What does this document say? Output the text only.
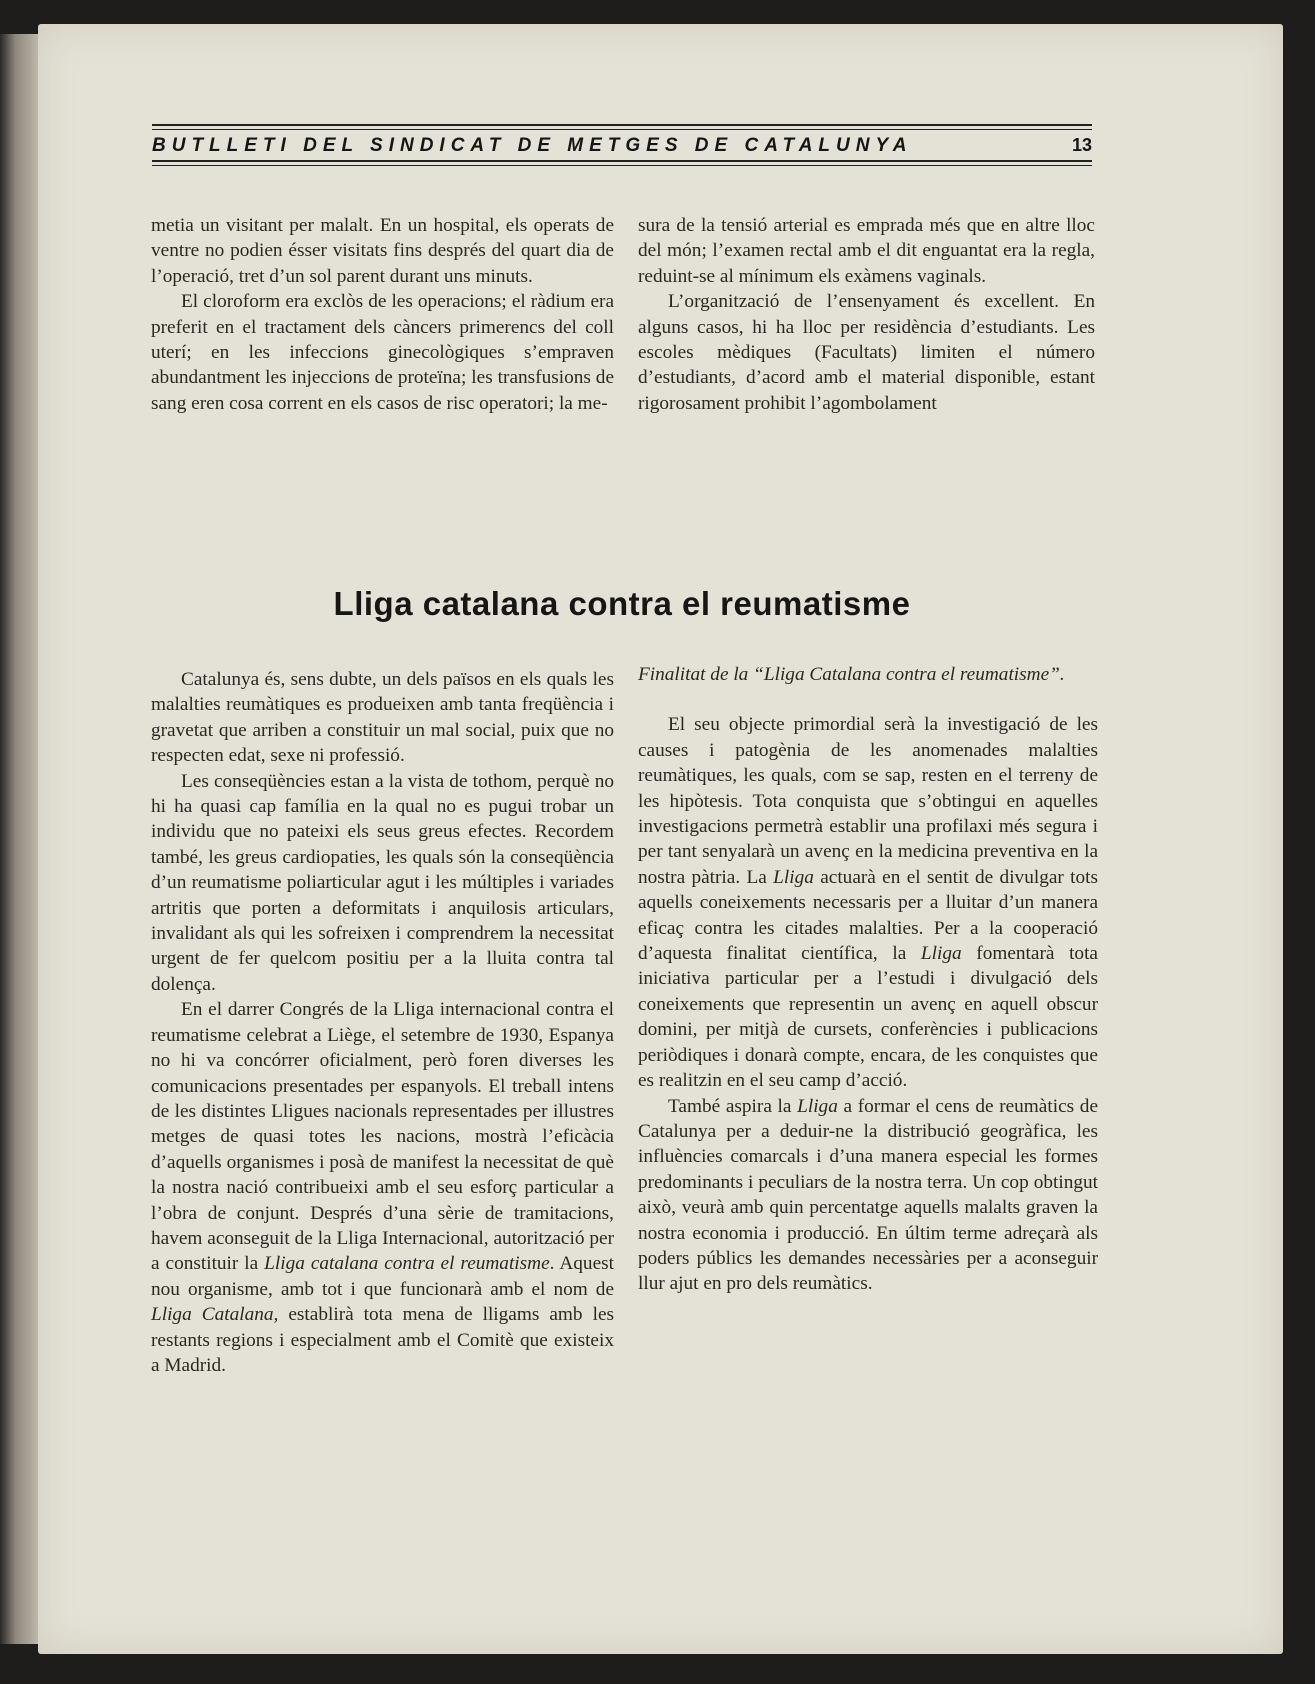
BUTLLETI DEL SINDICAT DE METGES DE CATALUNYA	13

metia un visitant per malalt. En un hospital, els operats de ventre no podien ésser visitats fins després del quart dia de l’operació, tret d’un sol parent durant uns minuts.

El cloroform era exclòs de les operacions; el ràdium era preferit en el tractament dels càncers primerencs del coll uterí; en les infeccions ginecològiques s’empraven abundantment les injeccions de proteïna; les transfusions de sang eren cosa corrent en els casos de risc operatori; la me-

sura de la tensió arterial es emprada més que en altre lloc del món; l’examen rectal amb el dit enguantat era la regla, reduint-se al mínimum els exàmens vaginals.

L’organització de l’ensenyament és excellent. En alguns casos, hi ha lloc per residència d’estudiants. Les escoles mèdiques (Facultats) limiten el número d’estudiants, d’acord amb el material disponible, estant rigorosament prohibit l’agombolament

Lliga catalana contra el reumatisme

Catalunya és, sens dubte, un dels països en els quals les malalties reumàtiques es produeixen amb tanta freqüència i gravetat que arriben a constituir un mal social, puix que no respecten edat, sexe ni professió.

Les conseqüències estan a la vista de tothom, perquè no hi ha quasi cap família en la qual no es pugui trobar un individu que no pateixi els seus greus efectes. Recordem també, les greus cardiopaties, les quals són la conseqüència d’un reumatisme poliarticular agut i les múltiples i variades artritis que porten a deformitats i anquilosis articulars, invalidant als qui les sofreixen i comprendrem la necessitat urgent de fer quelcom positiu per a la lluita contra tal dolença.

En el darrer Congrés de la Lliga internacional contra el reumatisme celebrat a Liège, el setembre de 1930, Espanya no hi va concórrer oficialment, però foren diverses les comunicacions presentades per espanyols. El treball intens de les distintes Lligues nacionals representades per illustres metges de quasi totes les nacions, mostrà l’eficàcia d’aquells organismes i posà de manifest la necessitat de què la nostra nació contribueixi amb el seu esforç particular a l’obra de conjunt. Després d’una sèrie de tramitacions, havem aconseguit de la Lliga Internacional, autorització per a constituir la Lliga catalana contra el reumatisme. Aquest nou organisme, amb tot i que funcionarà amb el nom de Lliga Catalana, establirà tota mena de lligams amb les restants regions i especialment amb el Comitè que existeix a Madrid.

Finalitat de la “Lliga Catalana contra el reumatisme”.

El seu objecte primordial serà la investigació de les causes i patogènia de les anomenades malalties reumàtiques, les quals, com se sap, resten en el terreny de les hipòtesis. Tota conquista que s’obtingui en aquelles investigacions permetrà establir una profilaxi més segura i per tant senyalarà un avenç en la medicina preventiva en la nostra pàtria. La Lliga actuarà en el sentit de divulgar tots aquells coneixements necessaris per a lluitar d’un manera eficaç contra les citades malalties. Per a la cooperació d’aquesta finalitat científica, la Lliga fomentarà tota iniciativa particular per a l’estudi i divulgació dels coneixements que representin un avenç en aquell obscur domini, per mitjà de cursets, conferències i publicacions periòdiques i donarà compte, encara, de les conquistes que es realitzin en el seu camp d’acció.

També aspira la Lliga a formar el cens de reumàtics de Catalunya per a deduir-ne la distribució geogràfica, les influències comarcals i d’una manera especial les formes predominants i peculiars de la nostra terra. Un cop obtingut això, veurà amb quin percentatge aquells malalts graven la nostra economia i producció. En últim terme adreçarà als poders públics les demandes necessàries per a aconseguir llur ajut en pro dels reumàtics.
